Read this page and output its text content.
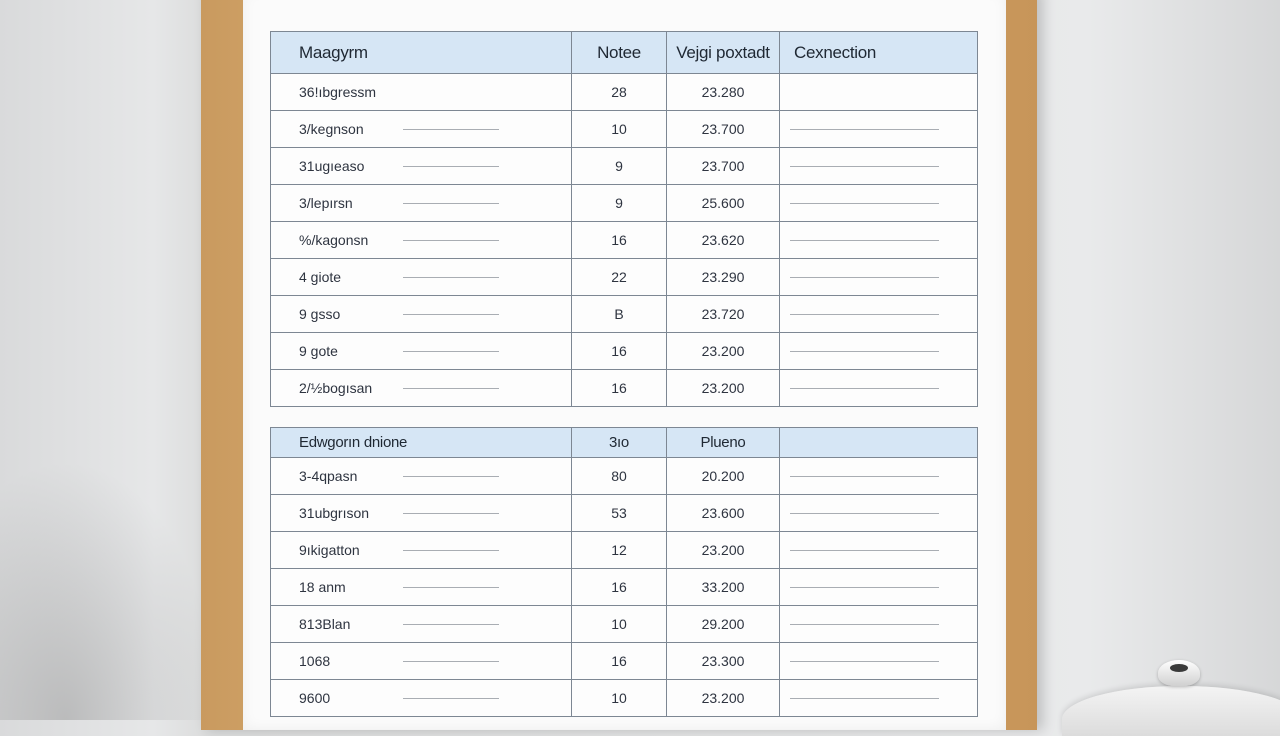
Maagyrm	Notee	Vejgi poxtadt	Cexnection
36!ıbgressm	28	23.280	
3/kegnson	10	23.700	

31ugıeaso	9	23.700	

3/lepırsn	9	25.600	

%/kagonsn	16	23.620	

4 giote	22	23.290	

9 gsso	B	23.720	

9 gote	16	23.200	

2/½bogısan	16	23.200	
Edwgorın dnione	3ıo	Plueno	
3-4qpasn	80	20.200	

31ubgrıson	53	23.600	

9ıkigatton	12	23.200	

18 anm	16	33.200	

813Blan	10	29.200	

1068	16	23.300	

9600	10	23.200	
